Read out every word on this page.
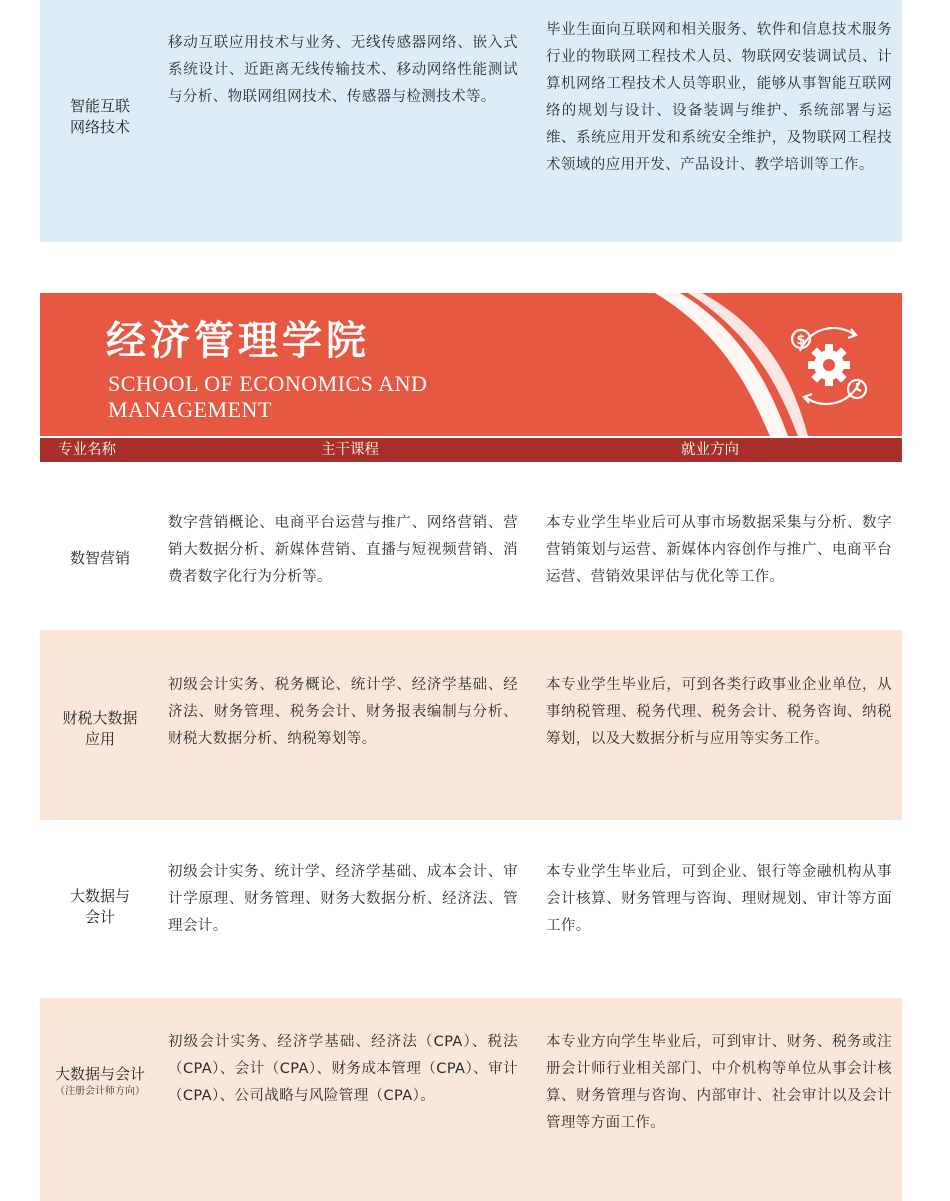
智能互联
网络技术
移动互联应用技术与业务、无线传感器网络、嵌入式系统设计、近距离无线传输技术、移动网络性能测试与分析、物联网组网技术、传感器与检测技术等。
毕业生面向互联网和相关服务、软件和信息技术服务行业的物联网工程技术人员、物联网安装调试员、计算机网络工程技术人员等职业，能够从事智能互联网络的规划与设计、设备装调与维护、系统部署与运维、系统应用开发和系统安全维护，及物联网工程技术领域的应用开发、产品设计、教学培训等工作。
经济管理学院
SCHOOL OF ECONOMICS AND MANAGEMENT
$
专业名称	主干课程	就业方向
数智营销
数字营销概论、电商平台运营与推广、网络营销、营销大数据分析、新媒体营销、直播与短视频营销、消费者数字化行为分析等。
本专业学生毕业后可从事市场数据采集与分析、数字营销策划与运营、新媒体内容创作与推广、电商平台运营、营销效果评估与优化等工作。
财税大数据
应用
初级会计实务、税务概论、统计学、经济学基础、经济法、财务管理、税务会计、财务报表编制与分析、财税大数据分析、纳税筹划等。
本专业学生毕业后，可到各类行政事业企业单位，从事纳税管理、税务代理、税务会计、税务咨询、纳税筹划，以及大数据分析与应用等实务工作。
大数据与
会计
初级会计实务、统计学、经济学基础、成本会计、审计学原理、财务管理、财务大数据分析、经济法、管理会计。
本专业学生毕业后，可到企业、银行等金融机构从事会计核算、财务管理与咨询、理财规划、审计等方面工作。
大数据与会计
（注册会计师方向）
初级会计实务、经济学基础、经济法（CPA）、税法（CPA）、会计（CPA）、财务成本管理（CPA）、审计（CPA）、公司战略与风险管理（CPA）。
本专业方向学生毕业后，可到审计、财务、税务或注册会计师行业相关部门、中介机构等单位从事会计核算、财务管理与咨询、内部审计、社会审计以及会计管理等方面工作。
